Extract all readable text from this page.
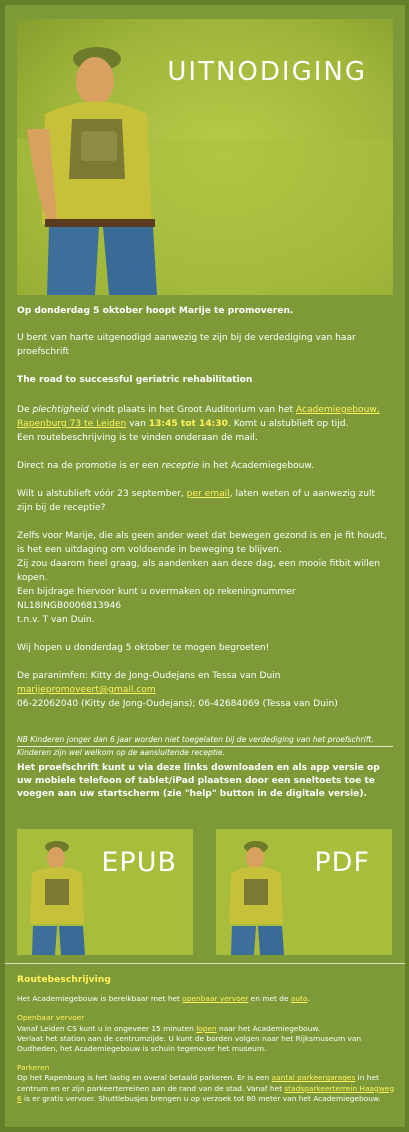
UITNODIGING

Op donderdag 5 oktober hoopt Marije te promoveren.

U bent van harte uitgenodigd aanwezig te zijn bij de verdediging van haar proefschrift

The road to successful geriatric rehabilitation

De plechtigheid vindt plaats in het Groot Auditorium van het Academiegebouw, Rapenburg 73 te Leiden van 13:45 tot 14:30. Komt u alstublieft op tijd.
Een routebeschrijving is te vinden onderaan de mail.

Direct na de promotie is er een receptie in het Academiegebouw.

Wilt u alstublieft vóór 23 september, per email, laten weten of u aanwezig zult zijn bij de receptie?

Zelfs voor Marije, die als geen ander weet dat bewegen gezond is en je fit houdt,
is het een uitdaging om voldoende in beweging te blijven.
Zij zou daarom heel graag, als aandenken aan deze dag, een mooie fitbit willen kopen.
Een bijdrage hiervoor kunt u overmaken op rekeningnummer NL18INGB0006813946
t.n.v. T van Duin.

Wij hopen u donderdag 5 oktober te mogen begroeten!

De paranimfen: Kitty de Jong-Oudejans en Tessa van Duin
marijepromoveert@gmail.com
06-22062040 (Kitty de Jong-Oudejans); 06-42684069 (Tessa van Duin)

NB Kinderen jonger dan 6 jaar worden niet toegelaten bij de verdediging van het proefschrift.
Kinderen zijn wel welkom op de aansluitende receptie.

Het proefschrift kunt u via deze links downloaden en als app versie op uw mobiele telefoon of tablet/iPad plaatsen door een sneltoets toe te voegen aan uw startscherm (zie "help" button in de digitale versie).

EPUB	PDF
Routebeschrijving

Het Academiegebouw is bereikbaar met het openbaar vervoer en met de auto.

Openbaar vervoer

Vanaf Leiden CS kunt u in ongeveer 15 minuten lopen naar het Academiegebouw.
Verlaat het station aan de centrumzijde. U kunt de borden volgen naar het Rijksmuseum van Oudheden, het Academiegebouw is schuin tegenover het museum.

Parkeren

Op het Rapenburg is het lastig en overal betaald parkeren. Er is een aantal parkeergarages in het centrum en er zijn parkeerterreinen aan de rand van de stad. Vanaf het stadsparkeerterrein Haagweg 6 is er gratis vervoer. Shuttlebusjes brengen u op verzoek tot 80 meter van het Academiegebouw.
